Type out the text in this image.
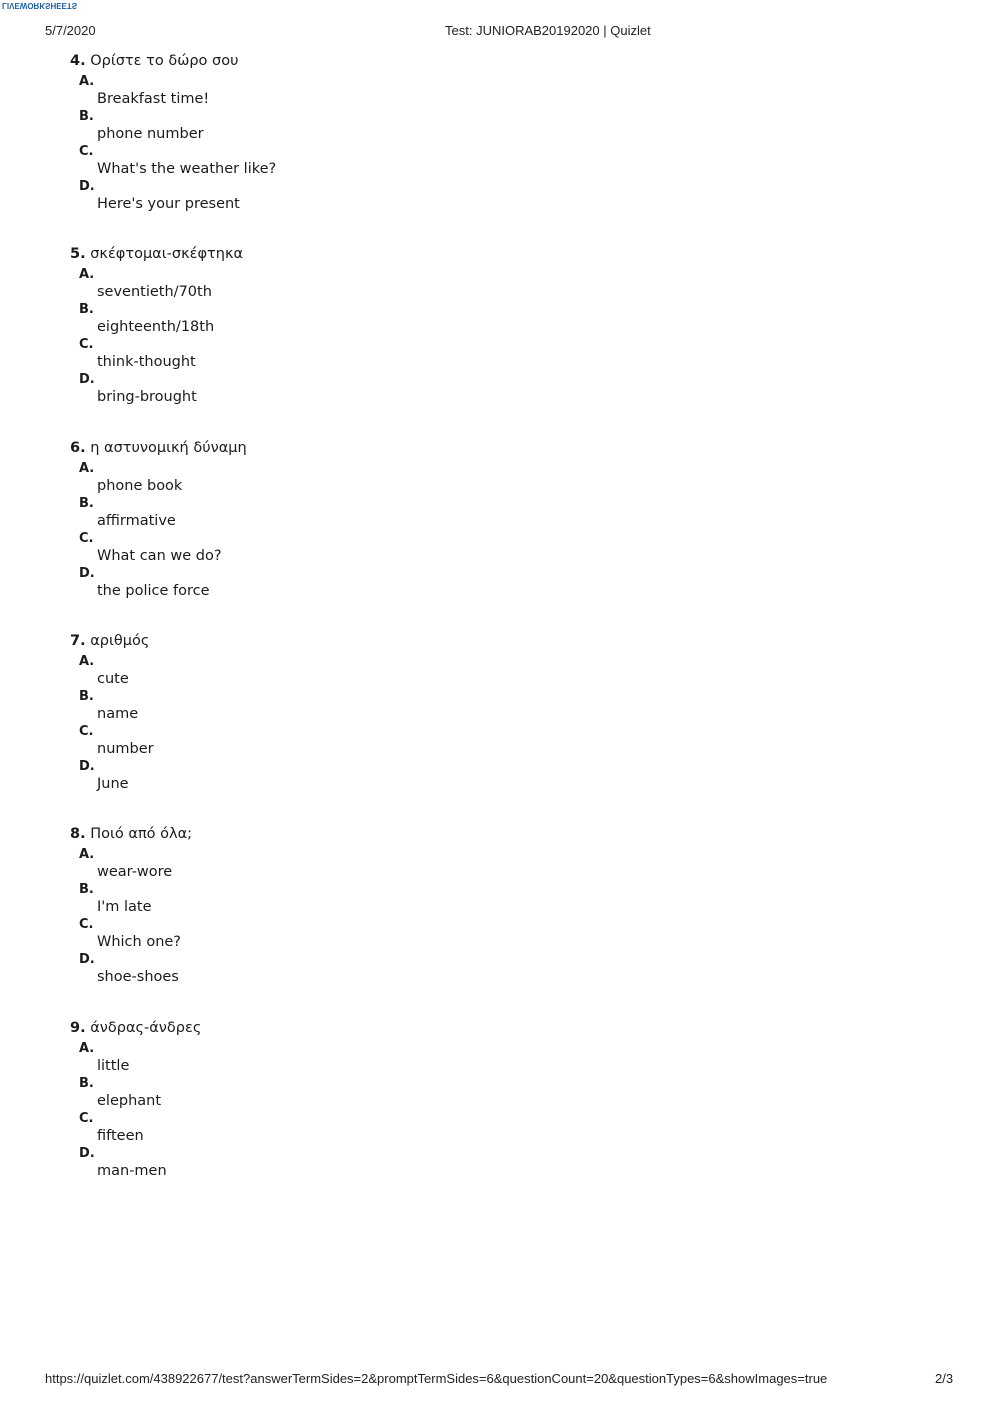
LIVEWORKSHEETS
5/7/2020	Test: JUNIORAB20192020 | Quizlet
4. Ορίστε το δώρο σου
A.
Breakfast time!
B.
phone number
C.
What's the weather like?
D.
Here's your present
5. σκέφτομαι-σκέφτηκα
A.
seventieth/70th
B.
eighteenth/18th
C.
think-thought
D.
bring-brought
6. η αστυνομική δύναμη
A.
phone book
B.
affirmative
C.
What can we do?
D.
the police force
7. αριθμός
A.
cute
B.
name
C.
number
D.
June
8. Ποιό από όλα;
A.
wear-wore
B.
I'm late
C.
Which one?
D.
shoe-shoes
9. άνδρας-άνδρες
A.
little
B.
elephant
C.
fifteen
D.
man-men
https://quizlet.com/438922677/test?answerTermSides=2&promptTermSides=6&questionCount=20&questionTypes=6&showImages=true	2/3
